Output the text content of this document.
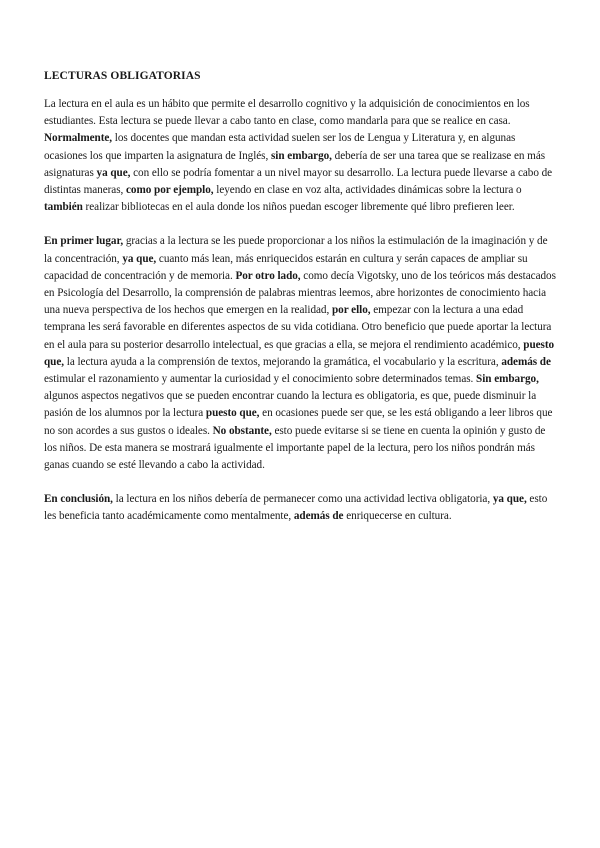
LECTURAS OBLIGATORIAS

La lectura en el aula es un hábito que permite el desarrollo cognitivo y la adquisición de conocimientos en los estudiantes. Esta lectura se puede llevar a cabo tanto en clase, como mandarla para que se realice en casa. Normalmente, los docentes que mandan esta actividad suelen ser los de Lengua y Literatura y, en algunas ocasiones los que imparten la asignatura de Inglés, sin embargo, debería de ser una tarea que se realizase en más asignaturas ya que, con ello se podría fomentar a un nivel mayor su desarrollo. La lectura puede llevarse a cabo de distintas maneras, como por ejemplo, leyendo en clase en voz alta, actividades dinámicas sobre la lectura o también realizar bibliotecas en el aula donde los niños puedan escoger libremente qué libro prefieren leer.

En primer lugar, gracias a la lectura se les puede proporcionar a los niños la estimulación de la imaginación y de la concentración, ya que, cuanto más lean, más enriquecidos estarán en cultura y serán capaces de ampliar su capacidad de concentración y de memoria. Por otro lado, como decía Vigotsky, uno de los teóricos más destacados en Psicología del Desarrollo, la comprensión de palabras mientras leemos, abre horizontes de conocimiento hacia una nueva perspectiva de los hechos que emergen en la realidad, por ello, empezar con la lectura a una edad temprana les será favorable en diferentes aspectos de su vida cotidiana. Otro beneficio que puede aportar la lectura en el aula para su posterior desarrollo intelectual, es que gracias a ella, se mejora el rendimiento académico, puesto que, la lectura ayuda a la comprensión de textos, mejorando la gramática, el vocabulario y la escritura, además de estimular el razonamiento y aumentar la curiosidad y el conocimiento sobre determinados temas. Sin embargo, algunos aspectos negativos que se pueden encontrar cuando la lectura es obligatoria, es que, puede disminuir la pasión de los alumnos por la lectura puesto que, en ocasiones puede ser que, se les está obligando a leer libros que no son acordes a sus gustos o ideales. No obstante, esto puede evitarse si se tiene en cuenta la opinión y gusto de los niños. De esta manera se mostrará igualmente el importante papel de la lectura, pero los niños pondrán más ganas cuando se esté llevando a cabo la actividad.

En conclusión, la lectura en los niños debería de permanecer como una actividad lectiva obligatoria, ya que, esto les beneficia tanto académicamente como mentalmente, además de enriquecerse en cultura.
